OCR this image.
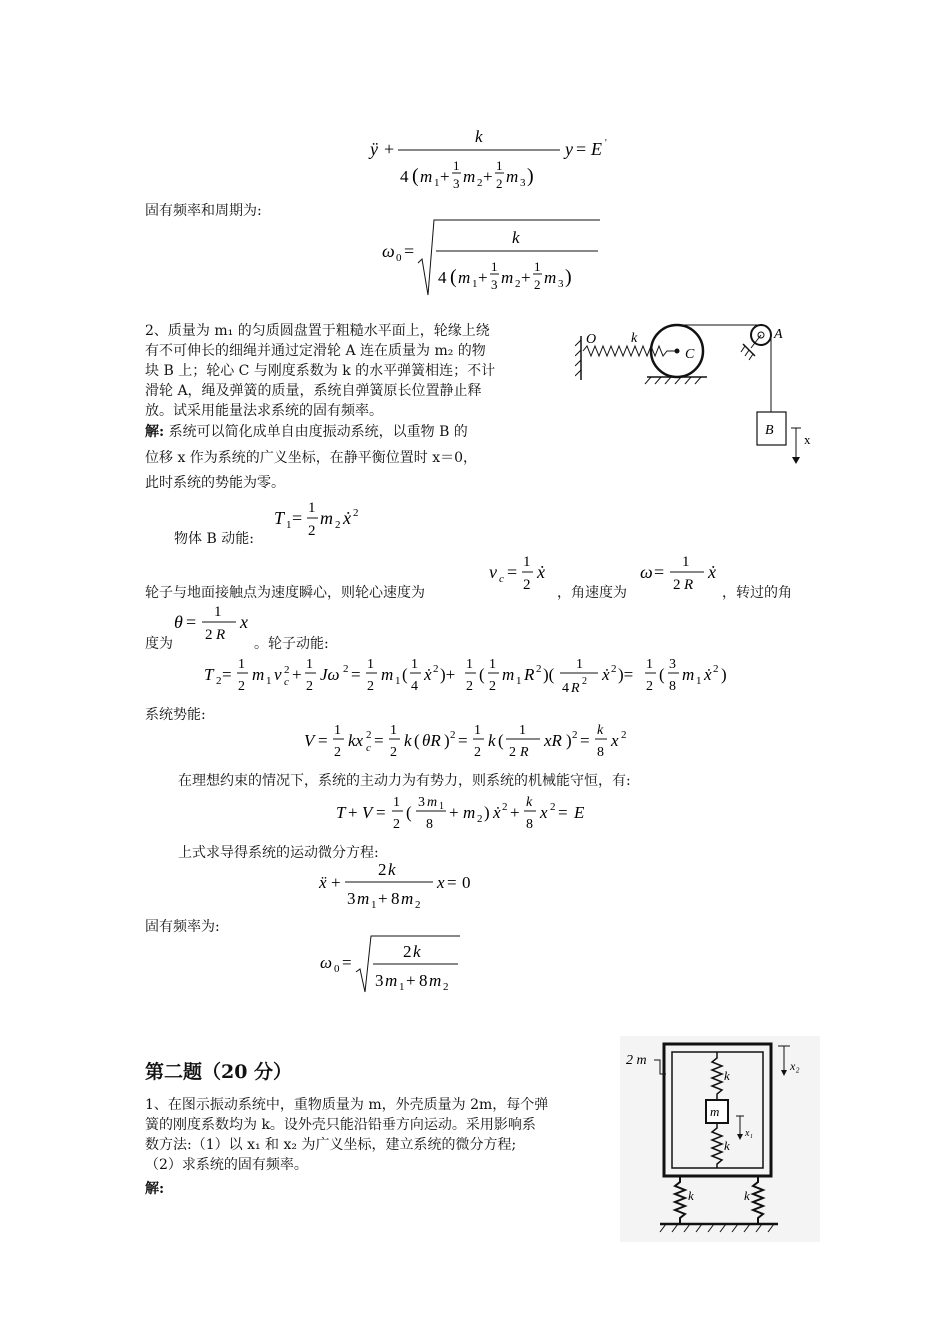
ÿ +
k
4 ( m 1 +
1
3 m 2 +
1
2 m 3 )
y = E '
固有频率和周期为:
ω 0 =
k
4 ( m 1 +
1
3 m 2 +
1
2 m 3 )
2、质量为 m₁ 的匀质圆盘置于粗糙水平面上，轮缘上绕
有不可伸长的细绳并通过定滑轮 A 连在质量为 m₂ 的物
块 B 上；轮心 C 与刚度系数为 k 的水平弹簧相连；不计
滑轮 A，绳及弹簧的质量，系统自弹簧原长位置静止释
放。试采用能量法求系统的固有频率。
解: 系统可以简化成单自由度振动系统，以重物 B 的
位移 x 作为系统的广义坐标，在静平衡位置时 x＝0，
此时系统的势能为零。
O k
C
A
B
x
T 1 = 1
2
m 2 ẋ 2
物体 B 动能:
轮子与地面接触点为速度瞬心，则轮心速度为
v c = 1
2
ẋ
，角速度为
ω = 1
2 R
ẋ
，转过的角
θ = 1
2 R
x
度为	。轮子动能:
T 2 =
1
2
m 1 v 2
c +
1
2
Jω 2 =
1
2
m 1 (
1
4
ẋ 2 )+
1
2
(
1
2
m 1 R 2 )(
1
4 R 2 ẋ 2 )=
1
2
(
3
8
m 1 ẋ 2 )
系统势能:
V =
1
2
kx 2
c =
1
2
k ( θR ) 2 =
1
2
k (
1
2 R
xR ) 2 =
k
8
x 2
在理想约束的情况下，系统的主动力为有势力，则系统的机械能守恒，有:
T + V =
1
2
(
3 m 1
8
+ m 2 ) ẋ 2 +
k
8
x 2 = E
上式求导得系统的运动微分方程:
ẍ +
2 k
3 m 1 + 8 m 2
x = 0
固有频率为:
ω 0 =
2 k
3 m 1 + 8 m 2
第二题（20 分）
1、在图示振动系统中，重物质量为 m，外壳质量为 2m，每个弹
簧的刚度系数均为 k。设外壳只能沿铅垂方向运动。采用影响系
数方法:（1）以 x₁ 和 x₂ 为广义坐标，建立系统的微分方程;
（2）求系统的固有频率。
解:
2 m	x₂
k
m
x₁
k
k	k
